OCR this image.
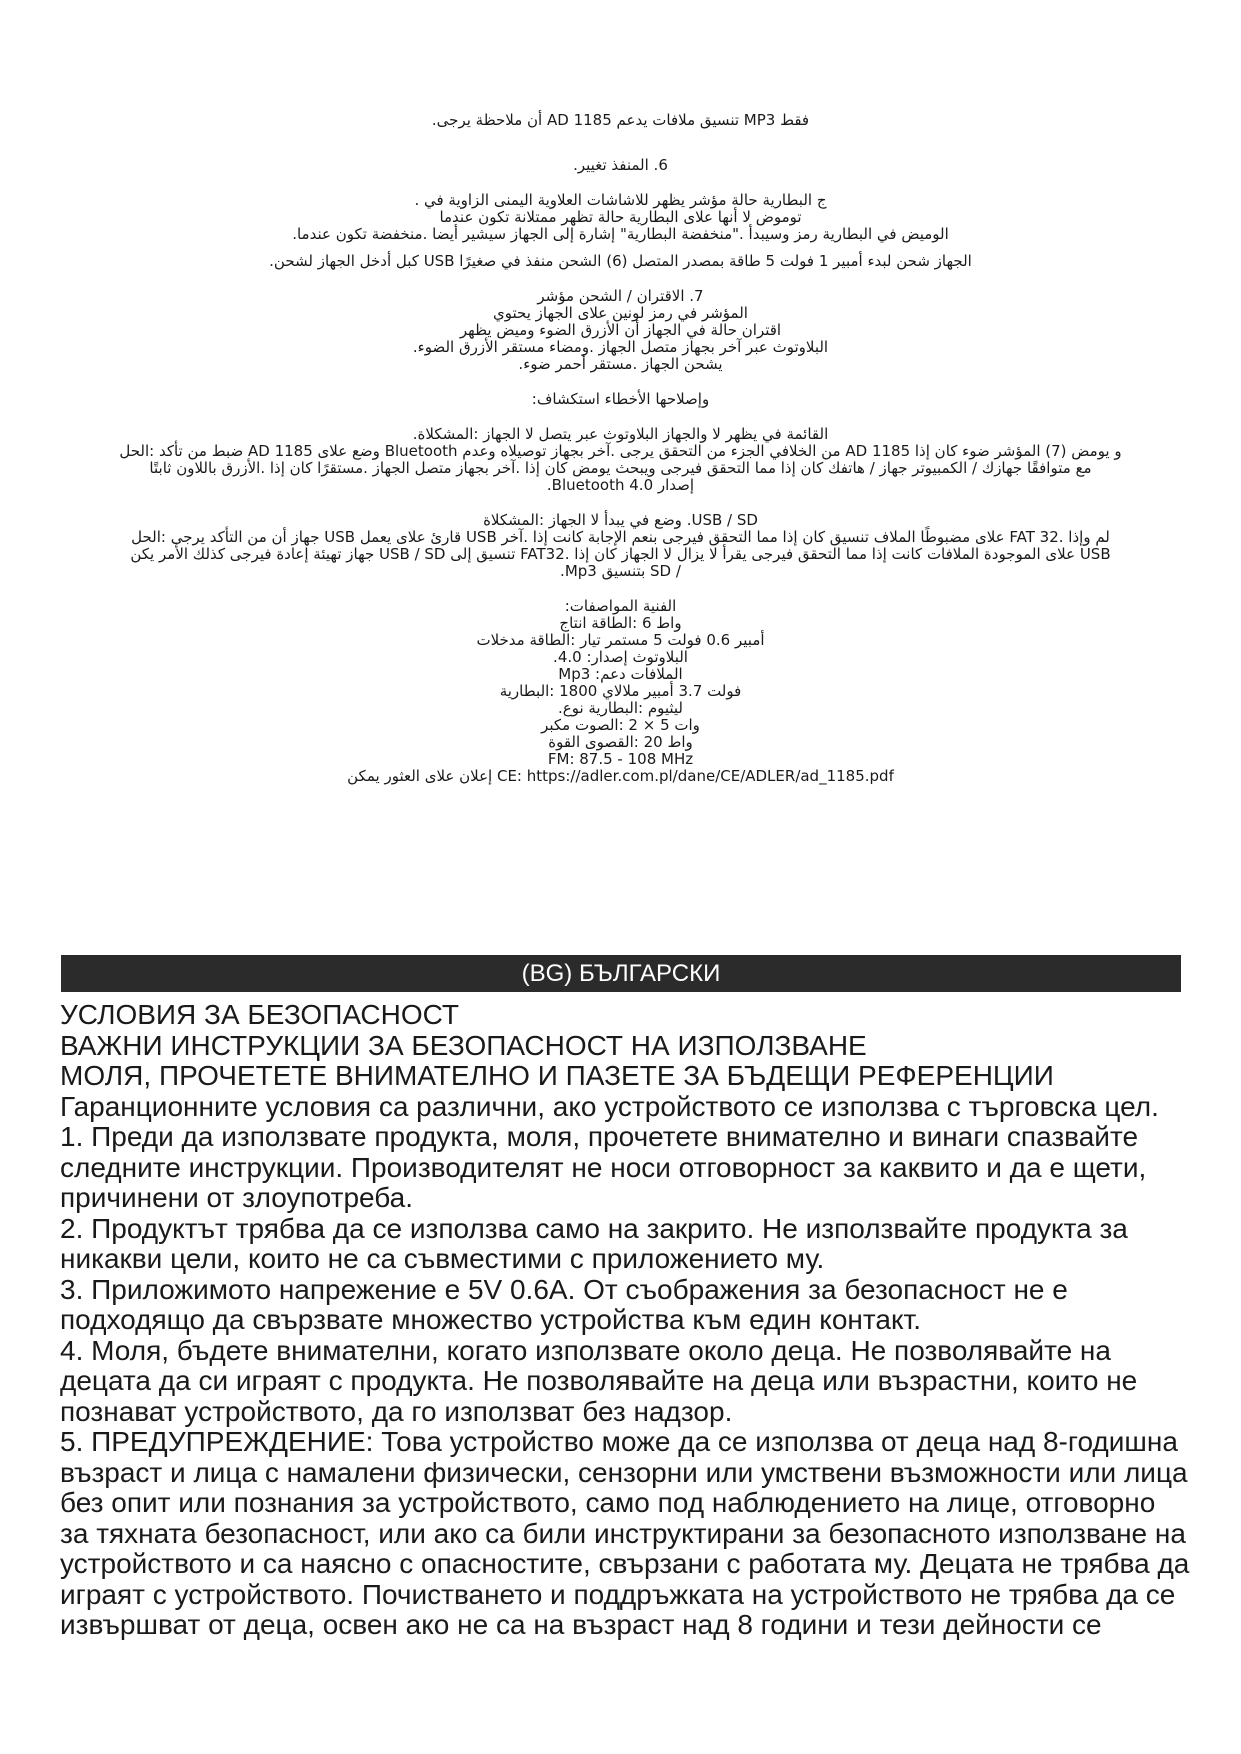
فقط MP3 تنسيق ملافات يدعم AD 1185 أن ملاحظة يرجى.

6. المنفذ تغيير.

ج البطارية حالة مؤشر يظهر للاشاشات العلاوية اليمنى الزاوية في .

توموض لا أنها علاى البطارية حالة تظهر ممتلانة تكون عندما

الوميض في البطارية رمز وسيبدأ ."منخفضة البطارية" إشارة إلى الجهاز سيشير أيضا .منخفضة تكون عندما.

الجهاز شحن لبدء أمبير 1 فولت 5 طاقة بمصدر المتصل (6) الشحن منفذ في صغيرًا USB كبل أدخل الجهاز لشحن.

7. الاقتران / الشحن مؤشر

المؤشر في رمز لونين علاى الجهاز يحتوي

اقتران حالة في الجهاز أن الأزرق الضوء وميض يظهر

البلاوتوث عبر آخر بجهاز متصل الجهاز .ومضاء مستقر الأزرق الضوء.

يشحن الجهاز .مستقر أحمر ضوء.

وإصلاحها الأخطاء استكشاف:

القائمة في يظهر لا والجهاز البلاوتوث عبر يتصل لا الجهاز :المشكلاة.

و يومض (7) المؤشر ضوء كان إذا AD 1185 من الخلافي الجزء من التحقق يرجى .آخر بجهاز توصيلاه وعدم Bluetooth وضع علاى AD 1185 ضبط من تأكد :الحل

مع متوافقًا جهازك / الكمبيوتر جهاز / هاتفك كان إذا مما التحقق فيرجى ويبحث يومض كان إذا .آخر بجهاز متصل الجهاز .مستقرًا كان إذا .الأزرق باللاون ثابتًا

إصدار Bluetooth 4.0.

USB / SD. وضع في يبدأ لا الجهاز :المشكلاة

لم وإذا .FAT 32 علاى مضبوطًا الملاف تنسيق كان إذا مما التحقق فيرجى بنعم الإجابة كانت إذا .آخر USB قارئ علاى يعمل USB جهاز أن من التأكد يرجى :الحل

USB علاى الموجودة الملافات كانت إذا مما التحقق فيرجى يقرأ لا يزال لا الجهاز كان إذا .FAT32 تنسيق إلى USB / SD جهاز تهيئة إعادة فيرجى كذلك الأمر يكن

/ SD بتنسيق Mp3.

الفنية المواصفات:

واط 6 :الطاقة انتاج

أمبير 0.6 فولت 5 مستمر تيار :الطاقة مدخلات

البلاوتوث إصدار: 4.0.

الملافات دعم: Mp3

فولت 3.7 أمبير ملالاي 1800 :البطارية

ليثيوم :البطارية نوع.

وات 5 × 2 :الصوت مكبر

واط 20 :القصوى القوة

FM: 87.5 - 108 MHz

CE: https://adler.com.pl/dane/CE/ADLER/ad_1185.pdf إعلان علاى العثور يمكن

(BG) БЪЛГАРСКИ

УСЛОВИЯ ЗА БЕЗОПАСНОСТ

ВАЖНИ ИНСТРУКЦИИ ЗА БЕЗОПАСНОСТ НА ИЗПОЛЗВАНЕ

МОЛЯ, ПРОЧЕТЕТЕ ВНИМАТЕЛНО И ПАЗЕТЕ ЗА БЪДЕЩИ РЕФЕРЕНЦИИ

Гаранционните условия са различни, ако устройството се използва с търговска цел.

1. Преди да използвате продукта, моля, прочетете внимателно и винаги спазвайте следните инструкции. Производителят не носи отговорност за каквито и да е щети, причинени от злоупотреба.

2. Продуктът трябва да се използва само на закрито. Не използвайте продукта за никакви цели, които не са съвместими с приложението му.

3. Приложимото напрежение е 5V 0.6A. От съображения за безопасност не е подходящо да свързвате множество устройства към един контакт.

4. Моля, бъдете внимателни, когато използвате около деца. Не позволявайте на децата да си играят с продукта. Не позволявайте на деца или възрастни, които не познават устройството, да го използват без надзор.

5. ПРЕДУПРЕЖДЕНИЕ: Това устройство може да се използва от деца над 8-годишна възраст и лица с намалени физически, сензорни или умствени възможности или лица без опит или познания за устройството, само под наблюдението на лице, отговорно за тяхната безопасност, или ако са били инструктирани за безопасното използване на устройството и са наясно с опасностите, свързани с работата му. Децата не трябва да играят с устройството. Почистването и поддръжката на устройството не трябва да се извършват от деца, освен ако не са на възраст над 8 години и тези дейности се
